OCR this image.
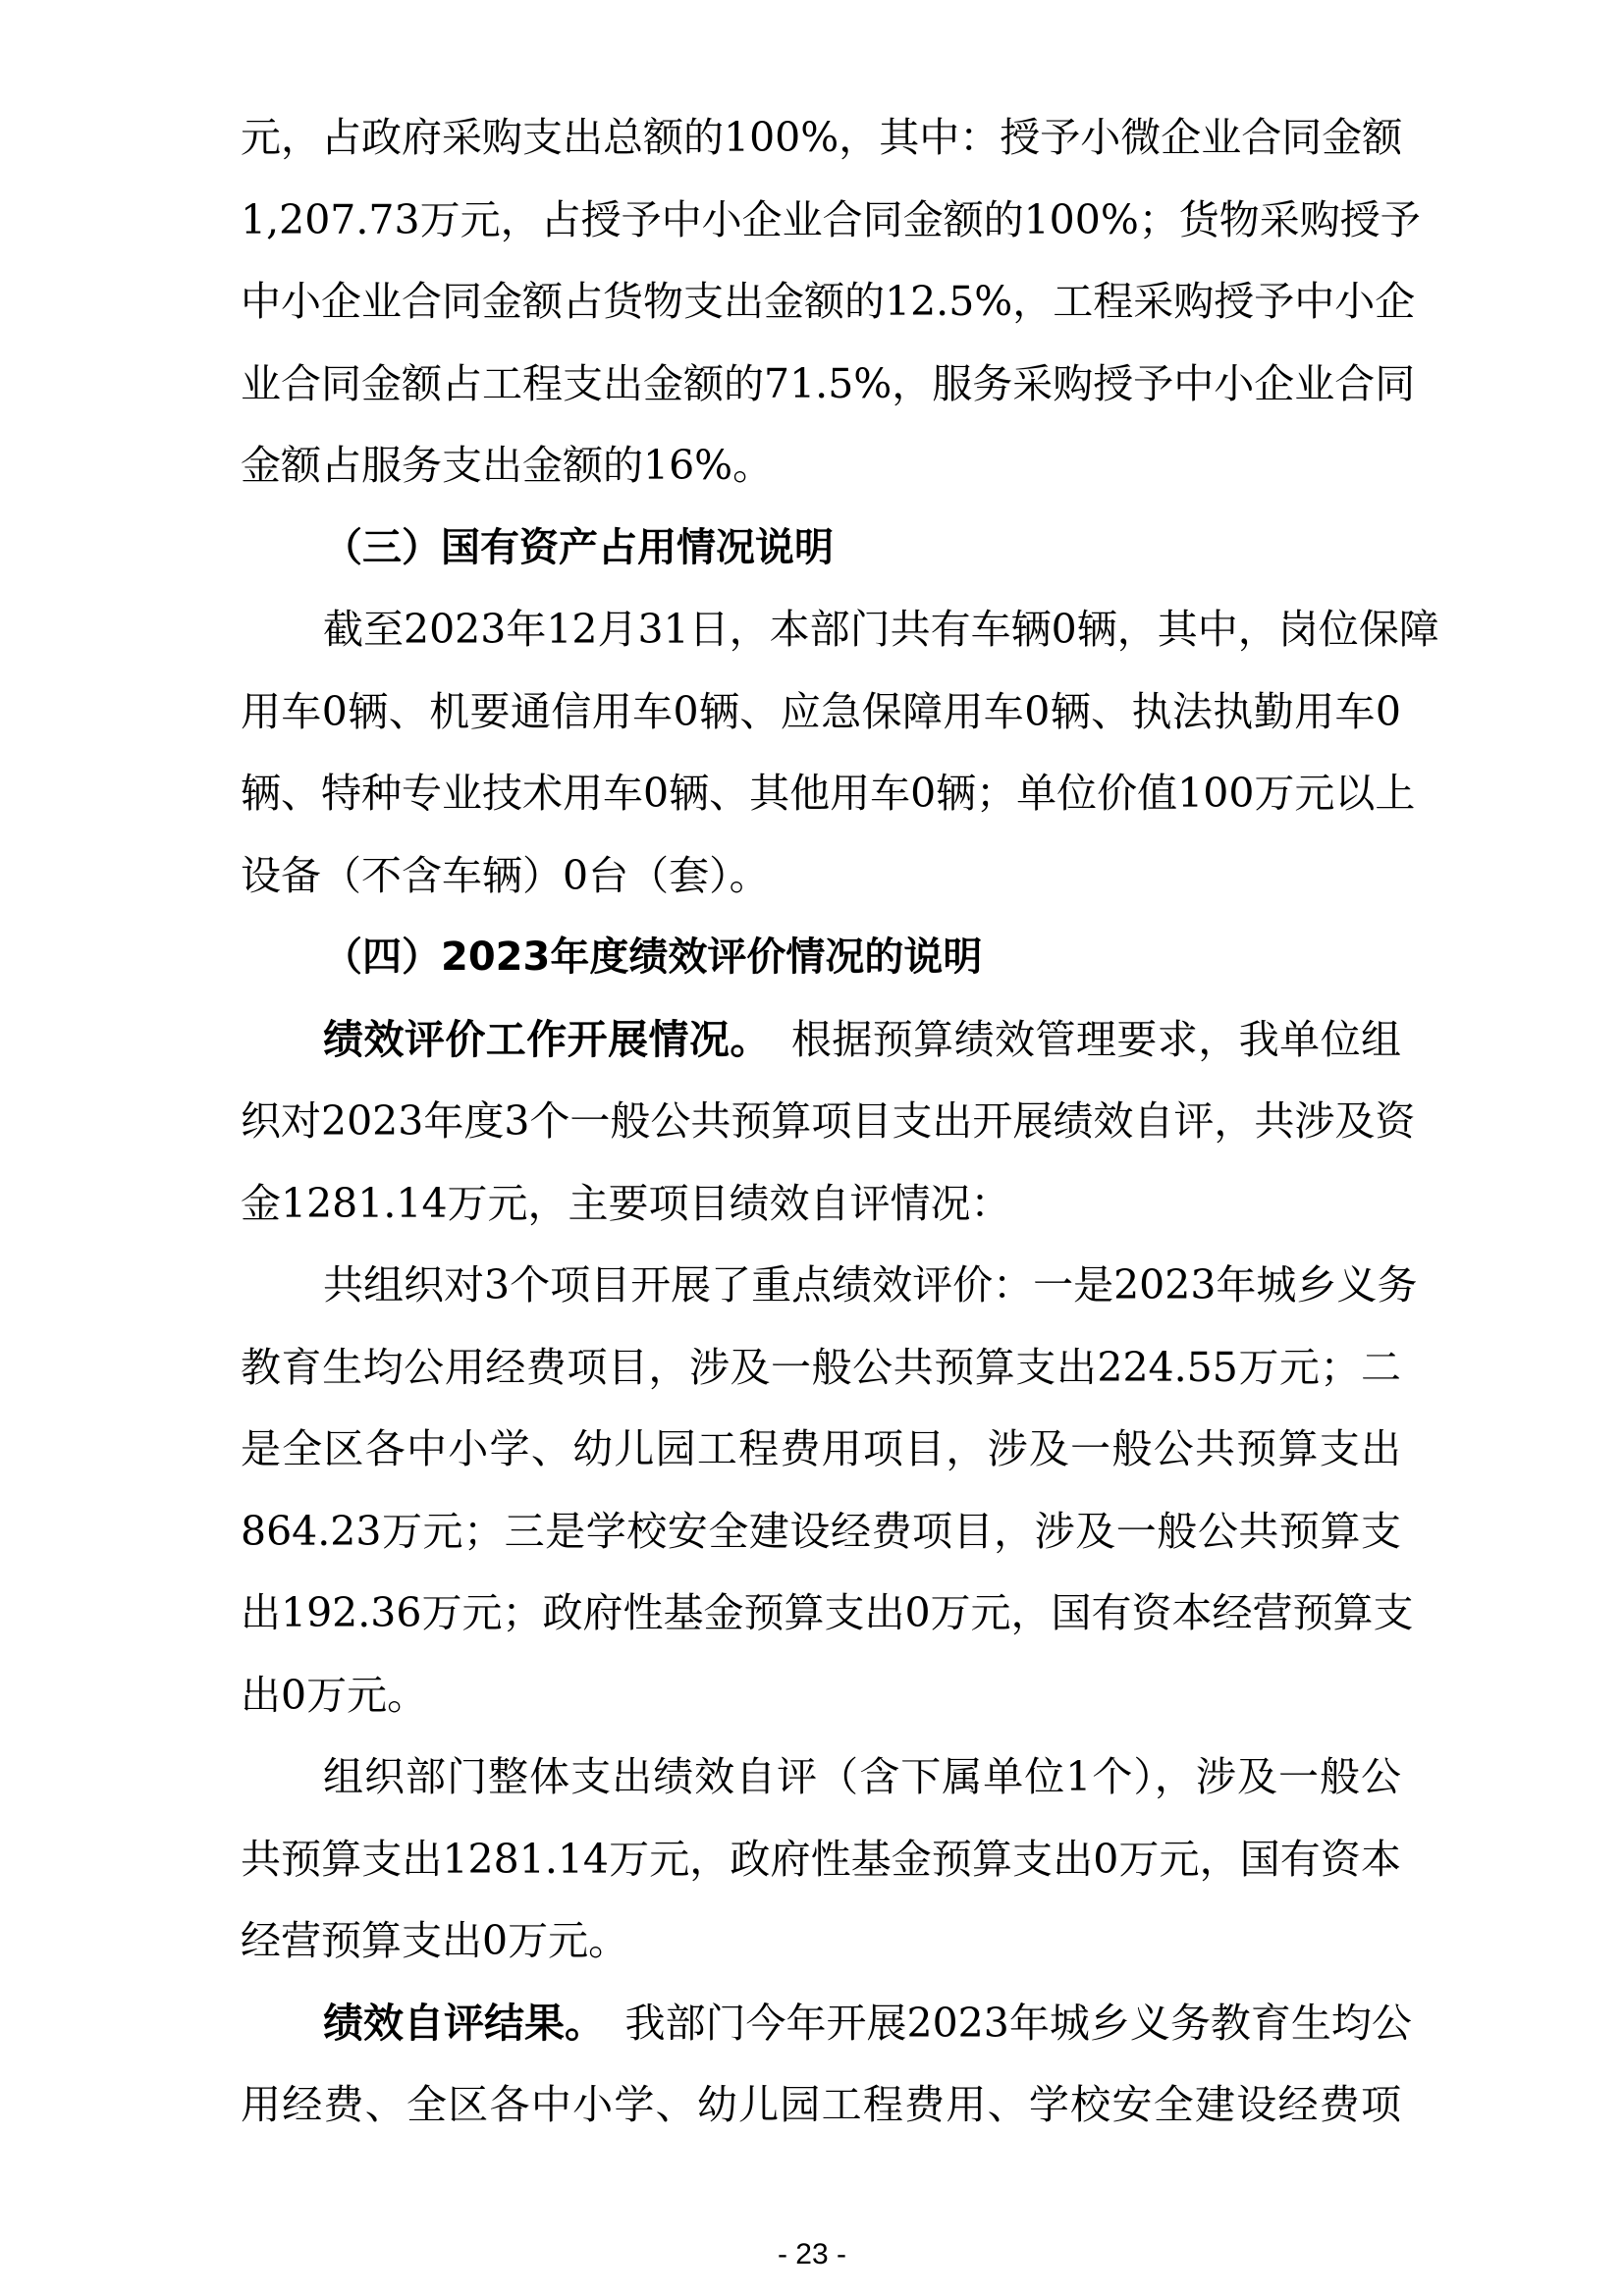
元，占政府采购支出总额的100%，其中：授予小微企业合同金额
1,207.73万元，占授予中小企业合同金额的100%；货物采购授予
中小企业合同金额占货物支出金额的12.5%，工程采购授予中小企
业合同金额占工程支出金额的71.5%，服务采购授予中小企业合同
金额占服务支出金额的16%。
（三）国有资产占用情况说明
截至2023年12月31日，本部门共有车辆0辆，其中，岗位保障
用车0辆、机要通信用车0辆、应急保障用车0辆、执法执勤用车0
辆、特种专业技术用车0辆、其他用车0辆；单位价值100万元以上
设备（不含车辆）0台（套）。
（四）2023年度绩效评价情况的说明
绩效评价工作开展情况。  根据预算绩效管理要求，我单位组
织对2023年度3个一般公共预算项目支出开展绩效自评，共涉及资
金1281.14万元，主要项目绩效自评情况：
共组织对3个项目开展了重点绩效评价：一是2023年城乡义务
教育生均公用经费项目，涉及一般公共预算支出224.55万元；二
是全区各中小学、幼儿园工程费用项目，涉及一般公共预算支出
864.23万元；三是学校安全建设经费项目，涉及一般公共预算支
出192.36万元；政府性基金预算支出0万元，国有资本经营预算支
出0万元。
组织部门整体支出绩效自评（含下属单位1个），涉及一般公
共预算支出1281.14万元，政府性基金预算支出0万元，国有资本
经营预算支出0万元。
绩效自评结果。  我部门今年开展2023年城乡义务教育生均公
用经费、全区各中小学、幼儿园工程费用、学校安全建设经费项
- 23 -
